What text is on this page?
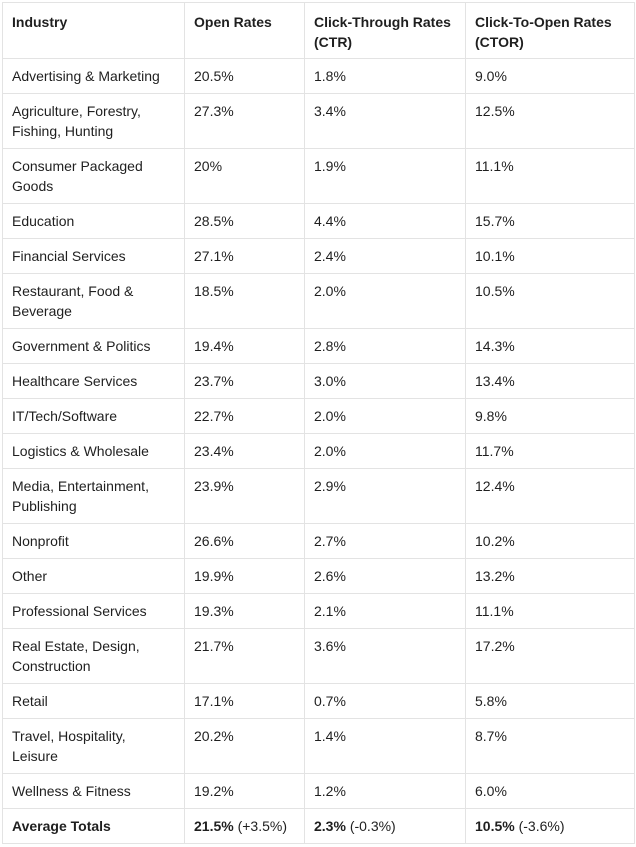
Industry	Open Rates	Click-Through Rates (CTR)	Click-To-Open Rates (CTOR)
Advertising & Marketing	20.5%	1.8%	9.0%
Agriculture, Forestry, Fishing, Hunting	27.3%	3.4%	12.5%
Consumer Packaged Goods	20%	1.9%	11.1%
Education	28.5%	4.4%	15.7%
Financial Services	27.1%	2.4%	10.1%
Restaurant, Food & Beverage	18.5%	2.0%	10.5%
Government & Politics	19.4%	2.8%	14.3%
Healthcare Services	23.7%	3.0%	13.4%
IT/Tech/Software	22.7%	2.0%	9.8%
Logistics & Wholesale	23.4%	2.0%	11.7%
Media, Entertainment, Publishing	23.9%	2.9%	12.4%
Nonprofit	26.6%	2.7%	10.2%
Other	19.9%	2.6%	13.2%
Professional Services	19.3%	2.1%	11.1%
Real Estate, Design, Construction	21.7%	3.6%	17.2%
Retail	17.1%	0.7%	5.8%
Travel, Hospitality, Leisure	20.2%	1.4%	8.7%
Wellness & Fitness	19.2%	1.2%	6.0%
Average Totals	21.5% (+3.5%)	2.3% (-0.3%)	10.5% (-3.6%)
